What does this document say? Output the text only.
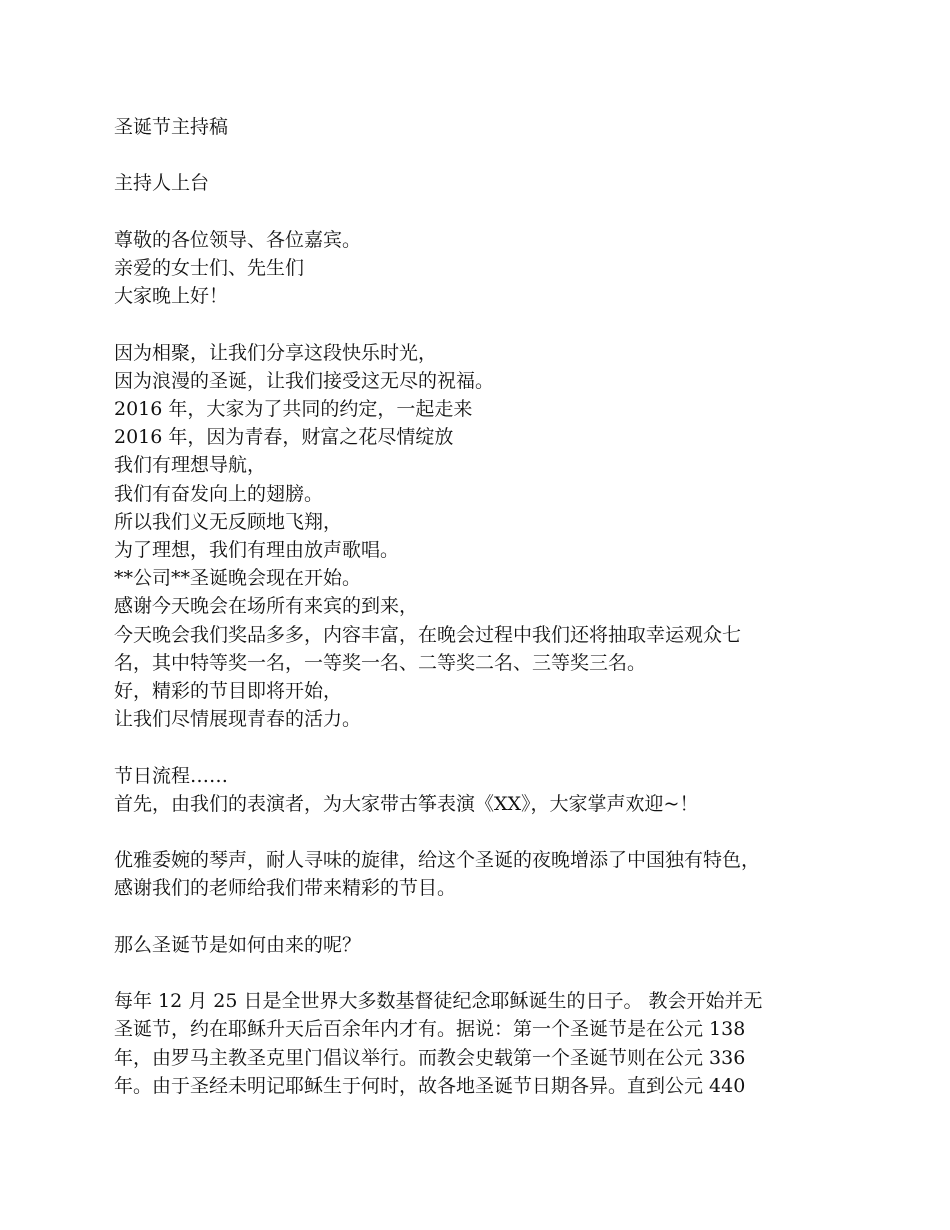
圣诞节主持稿

主持人上台

尊敬的各位领导、各位嘉宾。
亲爱的女士们、先生们
大家晚上好！
因为相聚，让我们分享这段快乐时光，
因为浪漫的圣诞，让我们接受这无尽的祝福。
2016 年，大家为了共同的约定，一起走来
2016 年，因为青春，财富之花尽情绽放
我们有理想导航，
我们有奋发向上的翅膀。
所以我们义无反顾地飞翔，
为了理想，我们有理由放声歌唱。
**公司**圣诞晚会现在开始。
感谢今天晚会在场所有来宾的到来，
今天晚会我们奖品多多，内容丰富，在晚会过程中我们还将抽取幸运观众七
名，其中特等奖一名，一等奖一名、二等奖二名、三等奖三名。
好，精彩的节目即将开始，
让我们尽情展现青春的活力。
节日流程……
首先，由我们的表演者，为大家带古筝表演《XX》，大家掌声欢迎~！
优雅委婉的琴声，耐人寻味的旋律，给这个圣诞的夜晚增添了中国独有特色，
感谢我们的老师给我们带来精彩的节目。

那么圣诞节是如何由来的呢？

每年 12 月 25 日是全世界大多数基督徒纪念耶稣诞生的日子。 教会开始并无
圣诞节，约在耶稣升天后百余年内才有。据说：第一个圣诞节是在公元 138
年，由罗马主教圣克里门倡议举行。而教会史载第一个圣诞节则在公元 336
年。由于圣经未明记耶稣生于何时，故各地圣诞节日期各异。直到公元 440
